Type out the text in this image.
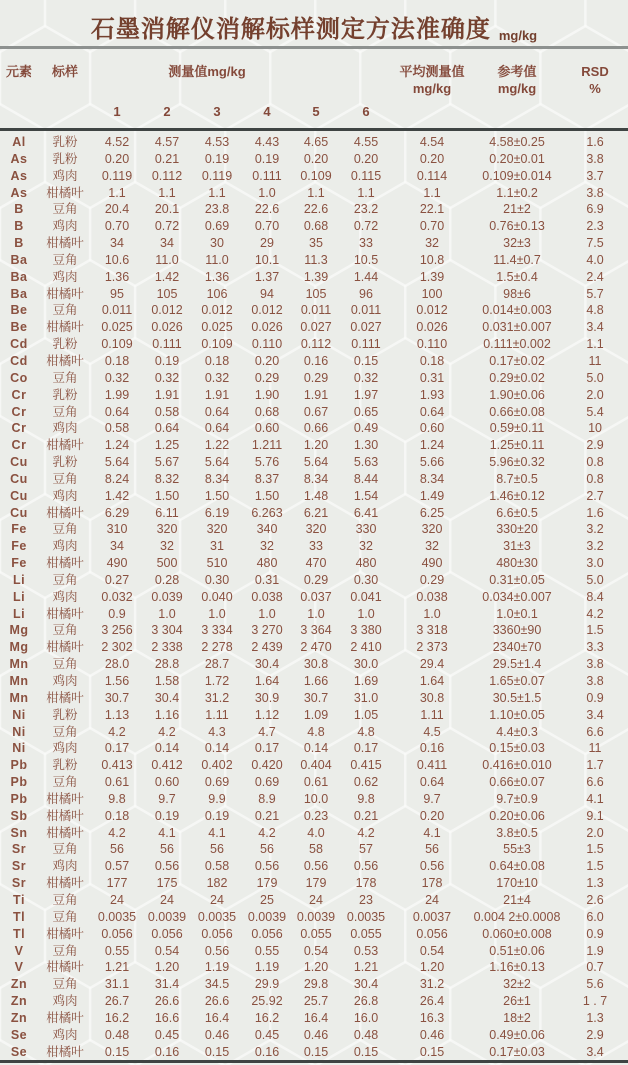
石墨消解仪消解标样测定方法准确度 mg/kg
元素	标样	测量值mg/kg	平均测量值
mg/kg

参考值
mg/kg

RSD
%

		1	2	3	4	5	6			
Al	乳粉	4.52	4.57	4.53	4.43	4.65	4.55	4.54	4.58±0.25	1.6
As	乳粉	0.20	0.21	0.19	0.19	0.20	0.20	0.20	0.20±0.01	3.8
As	鸡肉	0.119	0.112	0.119	0.111	0.109	0.115	0.114	0.109±0.014	3.7
As	柑橘叶	1.1	1.1	1.1	1.0	1.1	1.1	1.1	1.1±0.2	3.8
B	豆角	20.4	20.1	23.8	22.6	22.6	23.2	22.1	21±2	6.9
B	鸡肉	0.70	0.72	0.69	0.70	0.68	0.72	0.70	0.76±0.13	2.3
B	柑橘叶	34	34	30	29	35	33	32	32±3	7.5
Ba	豆角	10.6	11.0	11.0	10.1	11.3	10.5	10.8	11.4±0.7	4.0
Ba	鸡肉	1.36	1.42	1.36	1.37	1.39	1.44	1.39	1.5±0.4	2.4
Ba	柑橘叶	95	105	106	94	105	96	100	98±6	5.7
Be	豆角	0.011	0.012	0.012	0.012	0.011	0.011	0.012	0.014±0.003	4.8
Be	柑橘叶	0.025	0.026	0.025	0.026	0.027	0.027	0.026	0.031±0.007	3.4
Cd	乳粉	0.109	0.111	0.109	0.110	0.112	0.111	0.110	0.111±0.002	1.1
Cd	柑橘叶	0.18	0.19	0.18	0.20	0.16	0.15	0.18	0.17±0.02	11
Co	豆角	0.32	0.32	0.32	0.29	0.29	0.32	0.31	0.29±0.02	5.0
Cr	乳粉	1.99	1.91	1.91	1.90	1.91	1.97	1.93	1.90±0.06	2.0
Cr	豆角	0.64	0.58	0.64	0.68	0.67	0.65	0.64	0.66±0.08	5.4
Cr	鸡肉	0.58	0.64	0.64	0.60	0.66	0.49	0.60	0.59±0.11	10
Cr	柑橘叶	1.24	1.25	1.22	1.211	1.20	1.30	1.24	1.25±0.11	2.9
Cu	乳粉	5.64	5.67	5.64	5.76	5.64	5.63	5.66	5.96±0.32	0.8
Cu	豆角	8.24	8.32	8.34	8.37	8.34	8.44	8.34	8.7±0.5	0.8
Cu	鸡肉	1.42	1.50	1.50	1.50	1.48	1.54	1.49	1.46±0.12	2.7
Cu	柑橘叶	6.29	6.11	6.19	6.263	6.21	6.41	6.25	6.6±0.5	1.6
Fe	豆角	310	320	320	340	320	330	320	330±20	3.2
Fe	鸡肉	34	32	31	32	33	32	32	31±3	3.2
Fe	柑橘叶	490	500	510	480	470	480	490	480±30	3.0
Li	豆角	0.27	0.28	0.30	0.31	0.29	0.30	0.29	0.31±0.05	5.0
Li	鸡肉	0.032	0.039	0.040	0.038	0.037	0.041	0.038	0.034±0.007	8.4
Li	柑橘叶	0.9	1.0	1.0	1.0	1.0	1.0	1.0	1.0±0.1	4.2
Mg	豆角	3 256	3 304	3 334	3 270	3 364	3 380	3 318	3360±90	1.5
Mg	柑橘叶	2 302	2 338	2 278	2 439	2 470	2 410	2 373	2340±70	3.3
Mn	豆角	28.0	28.8	28.7	30.4	30.8	30.0	29.4	29.5±1.4	3.8
Mn	鸡肉	1.56	1.58	1.72	1.64	1.66	1.69	1.64	1.65±0.07	3.8
Mn	柑橘叶	30.7	30.4	31.2	30.9	30.7	31.0	30.8	30.5±1.5	0.9
Ni	乳粉	1.13	1.16	1.11	1.12	1.09	1.05	1.11	1.10±0.05	3.4
Ni	豆角	4.2	4.2	4.3	4.7	4.8	4.8	4.5	4.4±0.3	6.6
Ni	鸡肉	0.17	0.14	0.14	0.17	0.14	0.17	0.16	0.15±0.03	11
Pb	乳粉	0.413	0.412	0.402	0.420	0.404	0.415	0.411	0.416±0.010	1.7
Pb	豆角	0.61	0.60	0.69	0.69	0.61	0.62	0.64	0.66±0.07	6.6
Pb	柑橘叶	9.8	9.7	9.9	8.9	10.0	9.8	9.7	9.7±0.9	4.1
Sb	柑橘叶	0.18	0.19	0.19	0.21	0.23	0.21	0.20	0.20±0.06	9.1
Sn	柑橘叶	4.2	4.1	4.1	4.2	4.0	4.2	4.1	3.8±0.5	2.0
Sr	豆角	56	56	56	56	58	57	56	55±3	1.5
Sr	鸡肉	0.57	0.56	0.58	0.56	0.56	0.56	0.56	0.64±0.08	1.5
Sr	柑橘叶	177	175	182	179	179	178	178	170±10	1.3
Ti	豆角	24	24	24	25	24	23	24	21±4	2.6
Tl	豆角	0.0035	0.0039	0.0035	0.0039	0.0039	0.0035	0.0037	0.004 2±0.0008	6.0
Tl	柑橘叶	0.056	0.056	0.056	0.056	0.055	0.055	0.056	0.060±0.008	0.9
V	豆角	0.55	0.54	0.56	0.55	0.54	0.53	0.54	0.51±0.06	1.9
V	柑橘叶	1.21	1.20	1.19	1.19	1.20	1.21	1.20	1.16±0.13	0.7
Zn	豆角	31.1	31.4	34.5	29.9	29.8	30.4	31.2	32±2	5.6
Zn	鸡肉	26.7	26.6	26.6	25.92	25.7	26.8	26.4	26±1	1 . 7
Zn	柑橘叶	16.2	16.6	16.4	16.2	16.4	16.0	16.3	18±2	1.3
Se	鸡肉	0.48	0.45	0.46	0.45	0.46	0.48	0.46	0.49±0.06	2.9
Se	柑橘叶	0.15	0.16	0.15	0.16	0.15	0.15	0.15	0.17±0.03	3.4
